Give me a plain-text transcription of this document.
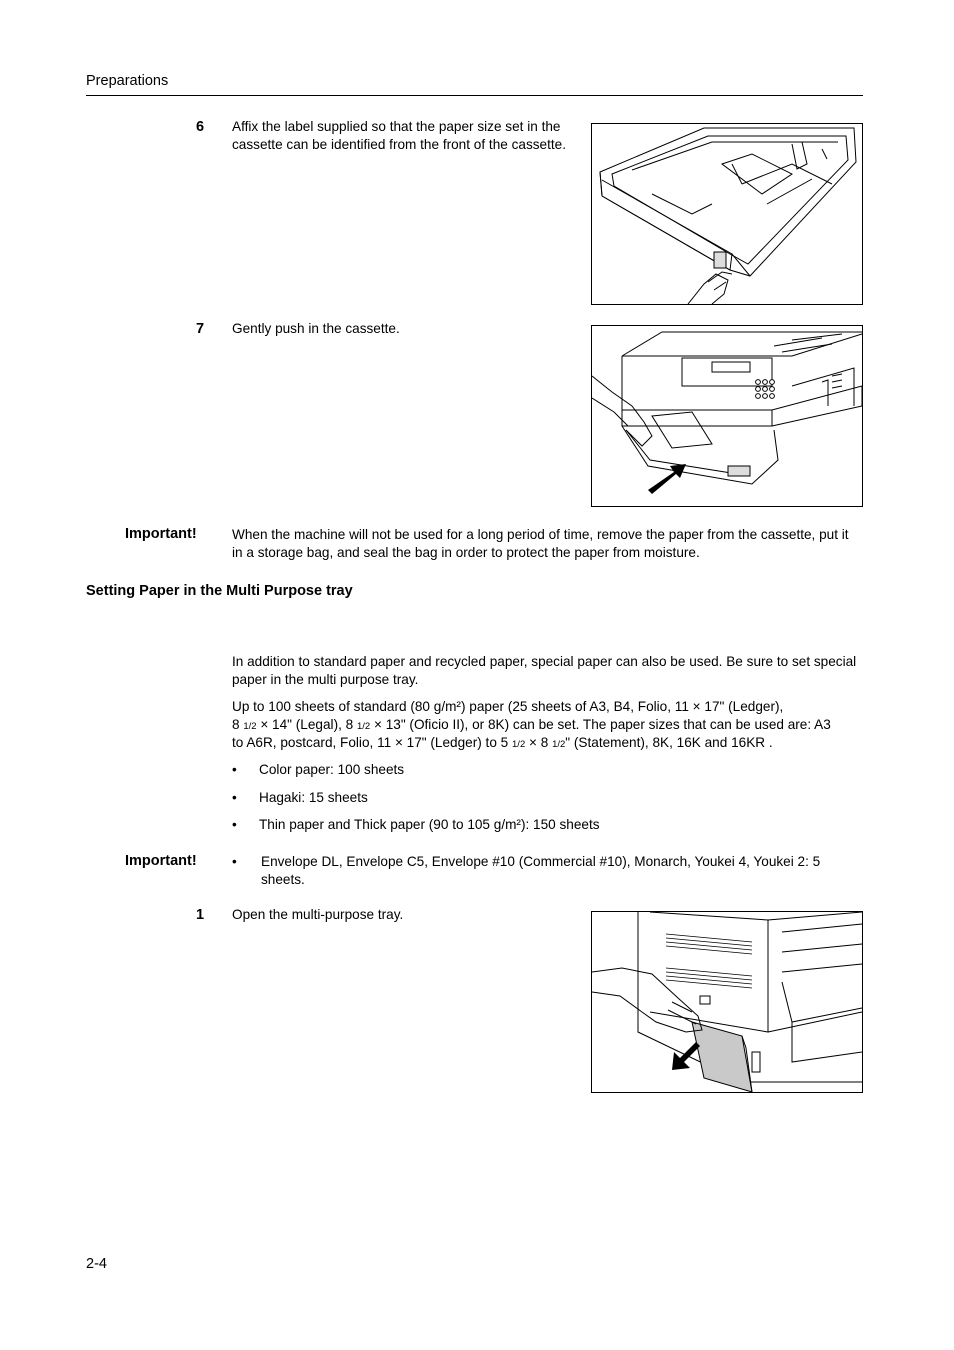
Preparations
6 Affix the label supplied so that the paper size set in the cassette can be identified from the front of the cassette.
7 Gently push in the cassette.
Important!	When the machine will not be used for a long period of time, remove the paper from the cassette, put it in a storage bag, and seal the bag in order to protect the paper from moisture.
Setting Paper in the Multi Purpose tray
In addition to standard paper and recycled paper, special paper can also be used. Be sure to set special paper in the multi purpose tray.
Up to 100 sheets of standard (80 g/m²) paper (25 sheets of A3, B4, Folio, 11 × 17" (Ledger),
8 1/2 × 14" (Legal), 8 1/2 × 13" (Oficio II), or 8K) can be set. The paper sizes that can be used are: A3
to A6R, postcard, Folio, 11 × 17" (Ledger) to 5 1/2 × 8 1/2" (Statement), 8K, 16K and 16KR .
• Color paper: 100 sheets
• Hagaki: 15 sheets
• Thin paper and Thick paper (90 to 105 g/m²): 150 sheets
Important!	• Envelope DL, Envelope C5, Envelope #10 (Commercial #10), Monarch, Youkei 4, Youkei 2: 5 sheets.
1 Open the multi-purpose tray.
2-4
